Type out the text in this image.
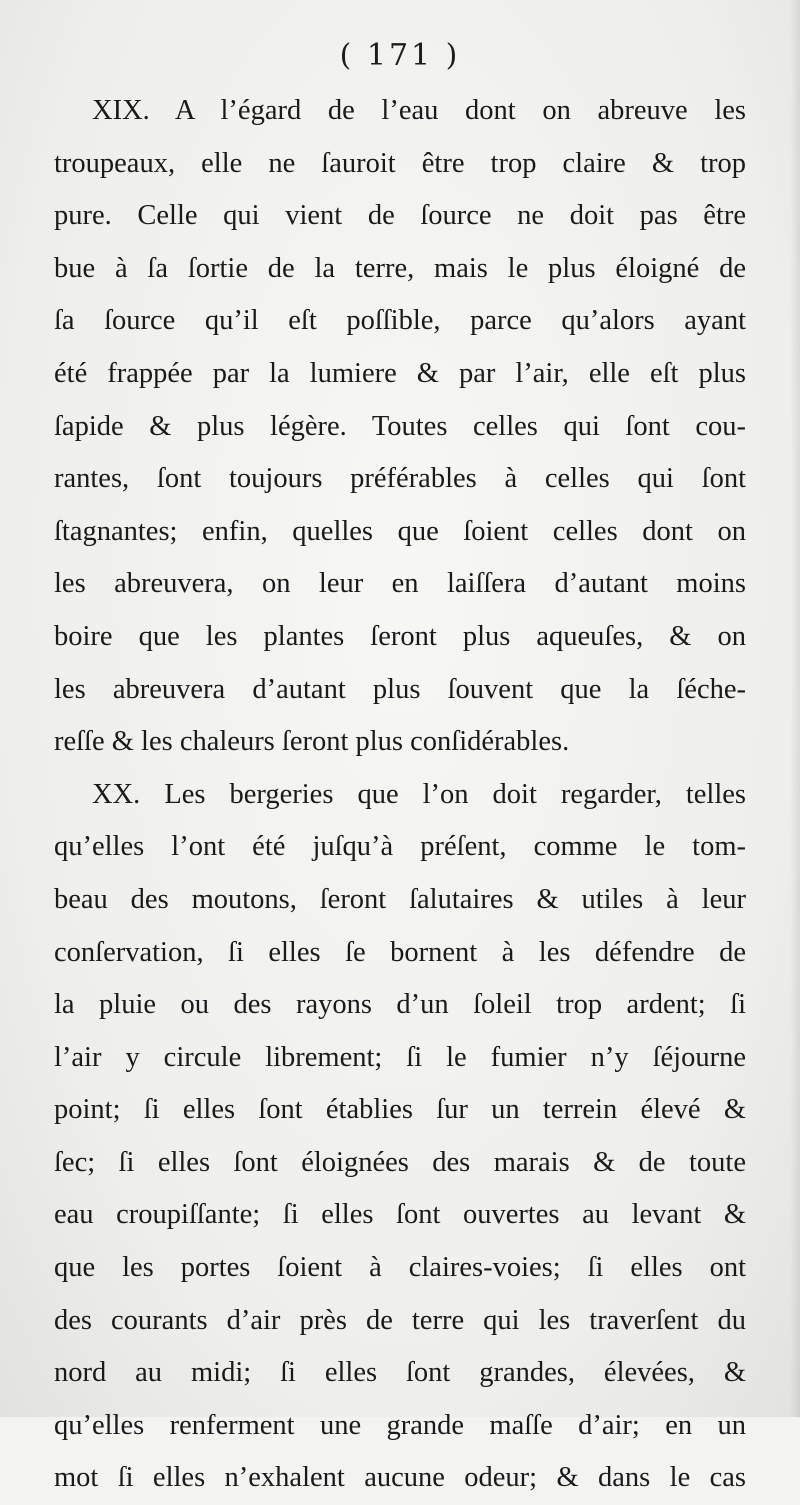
( 171 )
XIX. A l’égard de l’eau dont on abreuve les
troupeaux, elle ne ſauroit être trop claire & trop
pure. Celle qui vient de ſource ne doit pas être
bue à ſa ſortie de la terre, mais le plus éloigné de
ſa ſource qu’il eſt poſſible, parce qu’alors ayant
été frappée par la lumiere & par l’air, elle eſt plus
ſapide & plus légère. Toutes celles qui ſont cou-
rantes, ſont toujours préférables à celles qui ſont
ſtagnantes; enfin, quelles que ſoient celles dont on
les abreuvera, on leur en laiſſera d’autant moins
boire que les plantes ſeront plus aqueuſes, & on
les abreuvera d’autant plus ſouvent que la ſéche-
reſſe & les chaleurs ſeront plus conſidérables.
XX. Les bergeries que l’on doit regarder, telles
qu’elles l’ont été juſqu’à préſent, comme le tom-
beau des moutons, ſeront ſalutaires & utiles à leur
conſervation, ſi elles ſe bornent à les défendre de
la pluie ou des rayons d’un ſoleil trop ardent; ſi
l’air y circule librement; ſi le fumier n’y ſéjourne
point; ſi elles ſont établies ſur un terrein élevé &
ſec; ſi elles ſont éloignées des marais & de toute
eau croupiſſante; ſi elles ſont ouvertes au levant &
que les portes ſoient à claires-voies; ſi elles ont
des courants d’air près de terre qui les traverſent du
nord au midi; ſi elles ſont grandes, élevées, &
qu’elles renferment une grande maſſe d’air; en un
mot ſi elles n’exhalent aucune odeur; & dans le cas
